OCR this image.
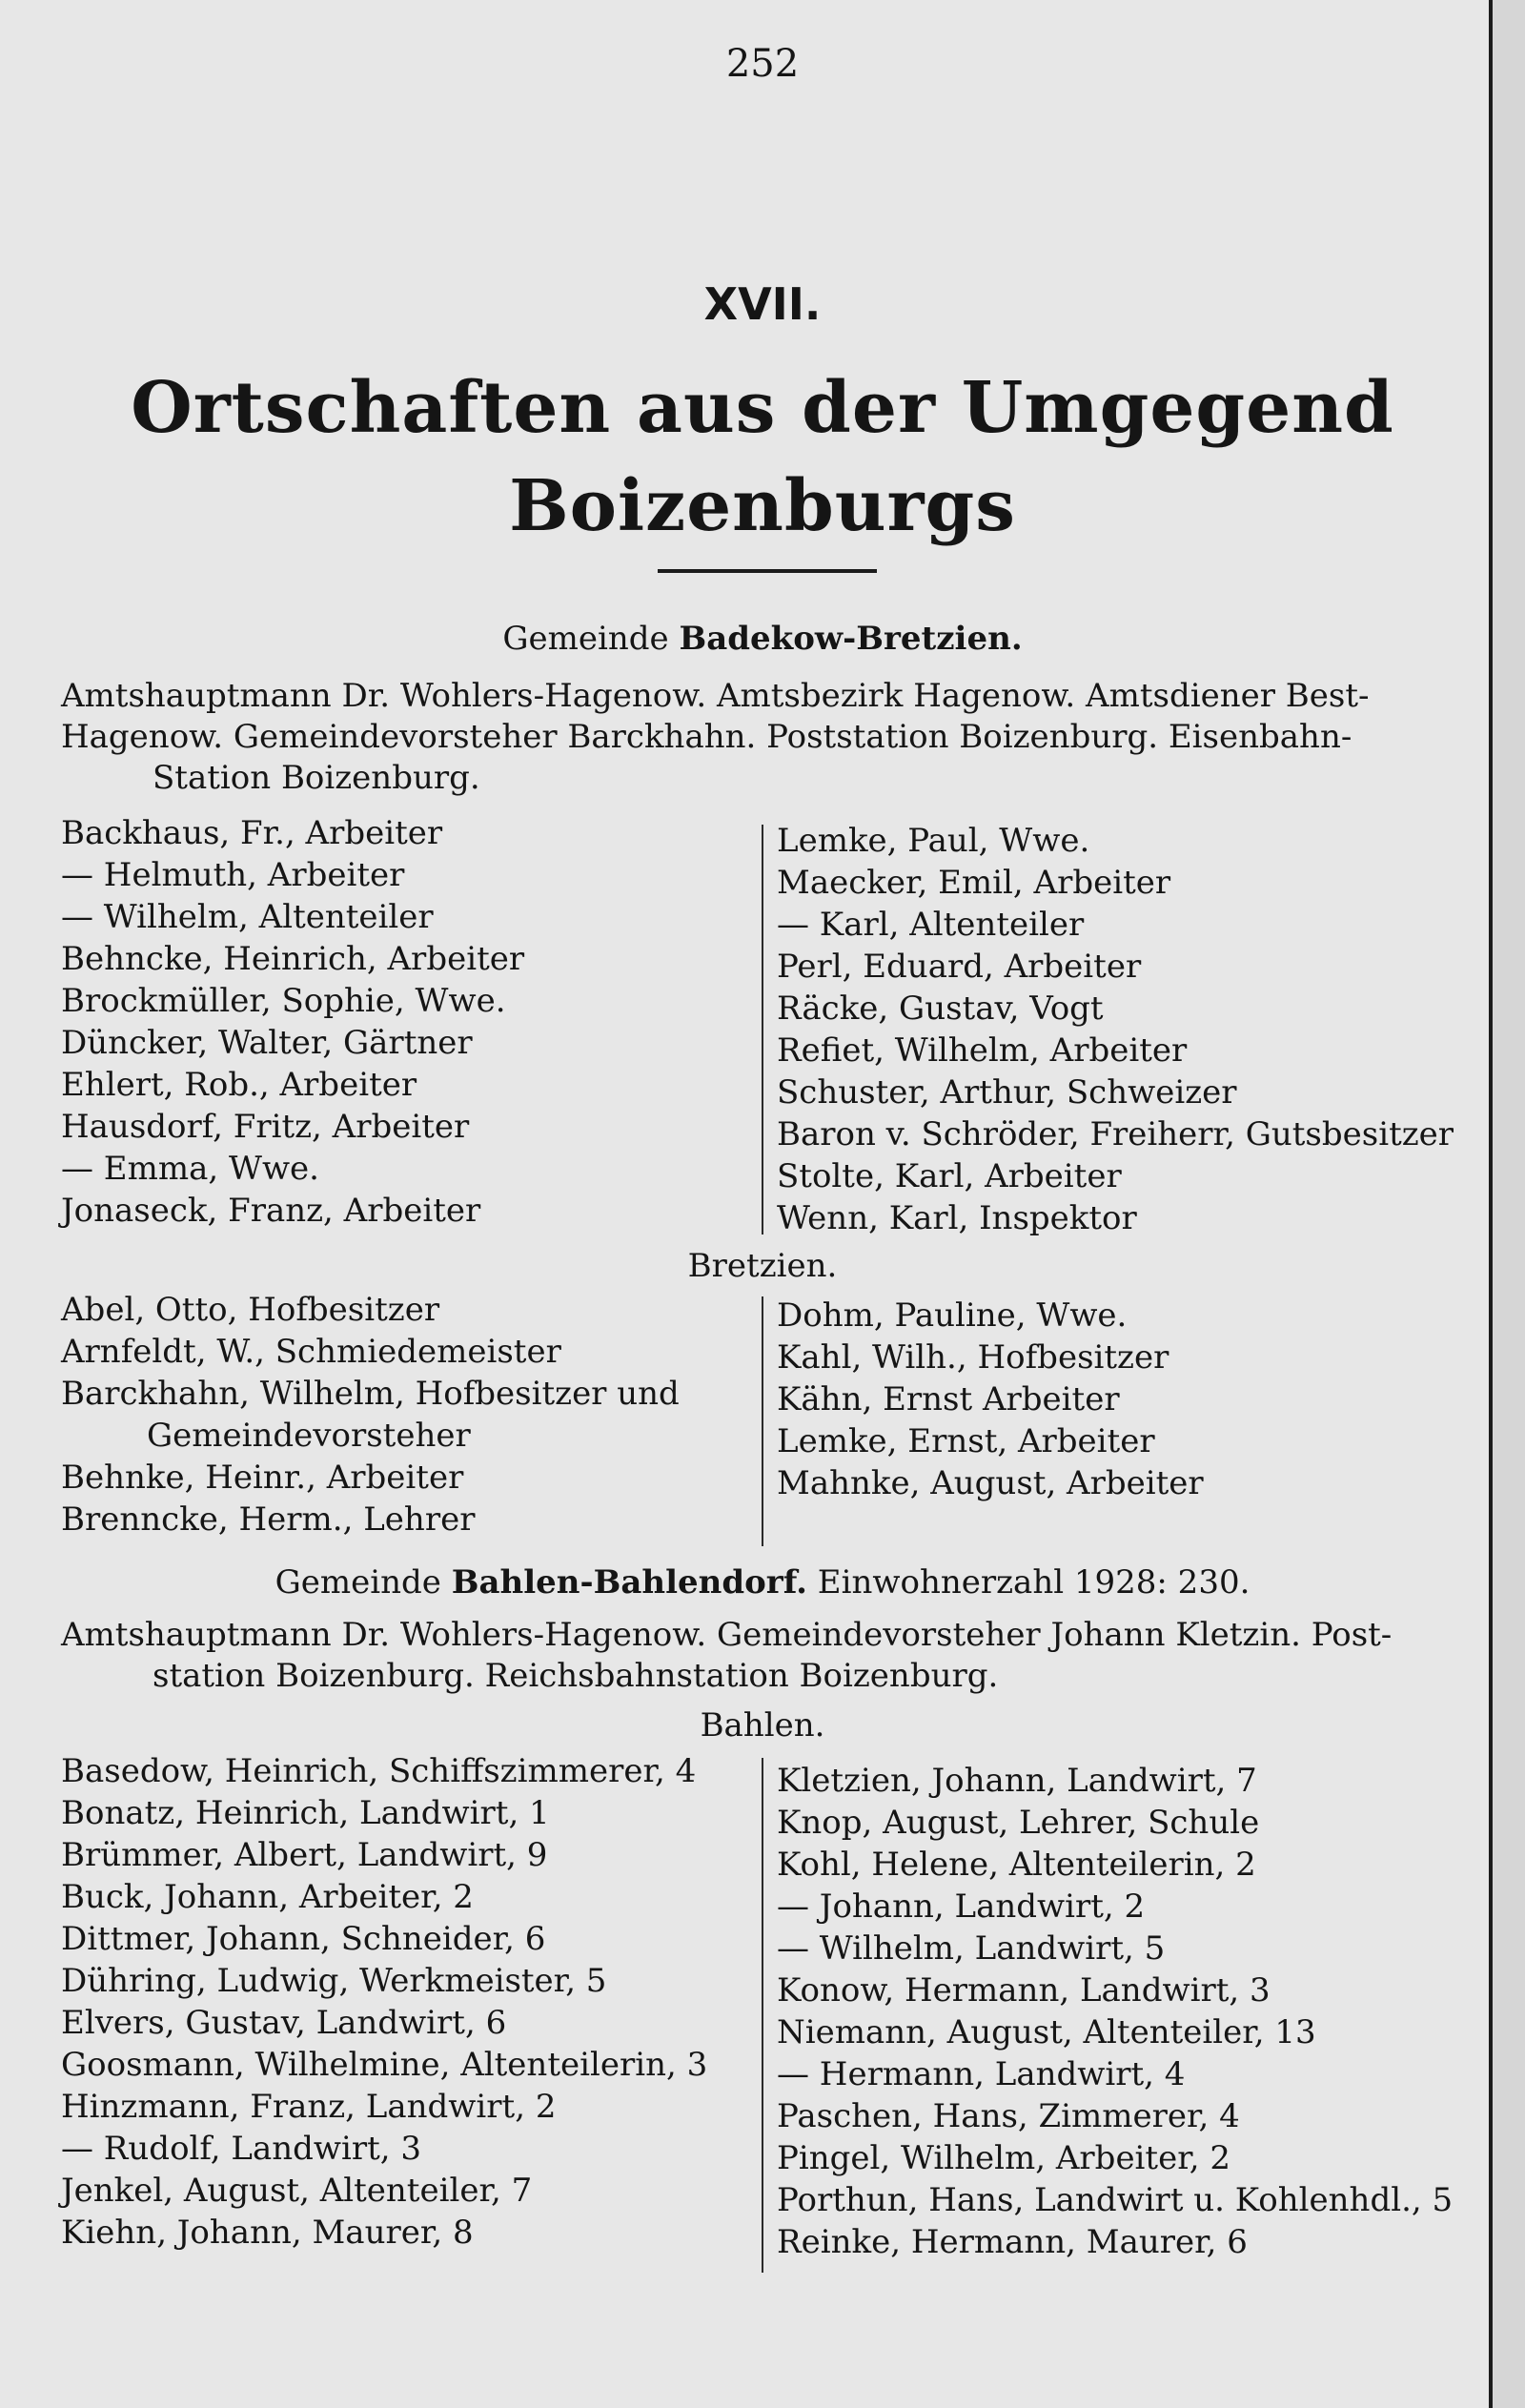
252
XVII.
Ortschaften aus der Umgegend
Boizenburgs
Gemeinde Badekow-Bretzien.
Amtshauptmann Dr. Wohlers-Hagenow. Amtsbezirk Hagenow. Amtsdiener Best-
Hagenow. Gemeindevorsteher Barckhahn. Poststation Boizenburg. Eisenbahn-
Station Boizenburg.
Backhaus, Fr., Arbeiter
— Helmuth, Arbeiter
— Wilhelm, Altenteiler
Behncke, Heinrich, Arbeiter
Brockmüller, Sophie, Wwe.
Düncker, Walter, Gärtner
Ehlert, Rob., Arbeiter
Hausdorf, Fritz, Arbeiter
— Emma, Wwe.
Jonaseck, Franz, Arbeiter
Lemke, Paul, Wwe.
Maecker, Emil, Arbeiter
— Karl, Altenteiler
Perl, Eduard, Arbeiter
Räcke, Gustav, Vogt
Refiet, Wilhelm, Arbeiter
Schuster, Arthur, Schweizer
Baron v. Schröder, Freiherr, Gutsbesitzer
Stolte, Karl, Arbeiter
Wenn, Karl, Inspektor
Bretzien.
Abel, Otto, Hofbesitzer
Arnfeldt, W., Schmiedemeister
Barckhahn, Wilhelm, Hofbesitzer und
Gemeindevorsteher
Behnke, Heinr., Arbeiter
Brenncke, Herm., Lehrer
Dohm, Pauline, Wwe.
Kahl, Wilh., Hofbesitzer
Kähn, Ernst Arbeiter
Lemke, Ernst, Arbeiter
Mahnke, August, Arbeiter
Gemeinde Bahlen-Bahlendorf. Einwohnerzahl 1928: 230.
Amtshauptmann Dr. Wohlers-Hagenow. Gemeindevorsteher Johann Kletzin. Post-
station Boizenburg. Reichsbahnstation Boizenburg.
Bahlen.
Basedow, Heinrich, Schiffszimmerer, 4
Bonatz, Heinrich, Landwirt, 1
Brümmer, Albert, Landwirt, 9
Buck, Johann, Arbeiter, 2
Dittmer, Johann, Schneider, 6
Dühring, Ludwig, Werkmeister, 5
Elvers, Gustav, Landwirt, 6
Goosmann, Wilhelmine, Altenteilerin, 3
Hinzmann, Franz, Landwirt, 2
— Rudolf, Landwirt, 3
Jenkel, August, Altenteiler, 7
Kiehn, Johann, Maurer, 8
Kletzien, Johann, Landwirt, 7
Knop, August, Lehrer, Schule
Kohl, Helene, Altenteilerin, 2
— Johann, Landwirt, 2
— Wilhelm, Landwirt, 5
Konow, Hermann, Landwirt, 3
Niemann, August, Altenteiler, 13
— Hermann, Landwirt, 4
Paschen, Hans, Zimmerer, 4
Pingel, Wilhelm, Arbeiter, 2
Porthun, Hans, Landwirt u. Kohlenhdl., 5
Reinke, Hermann, Maurer, 6
